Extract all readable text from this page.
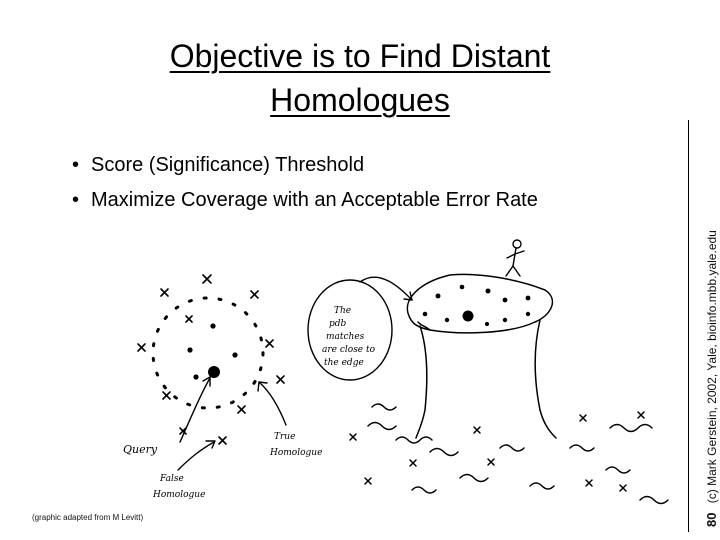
Objective is to Find Distant Homologues
• Score (Significance) Threshold
• Maximize Coverage with an Acceptable Error Rate
80 (c) Mark Gerstein, 2002, Yale, bioinfo.mbb.yale.edu
(graphic adapted from M Levitt)
Query
True Homologue
False Homologue
The pdb matches are close to the edge
